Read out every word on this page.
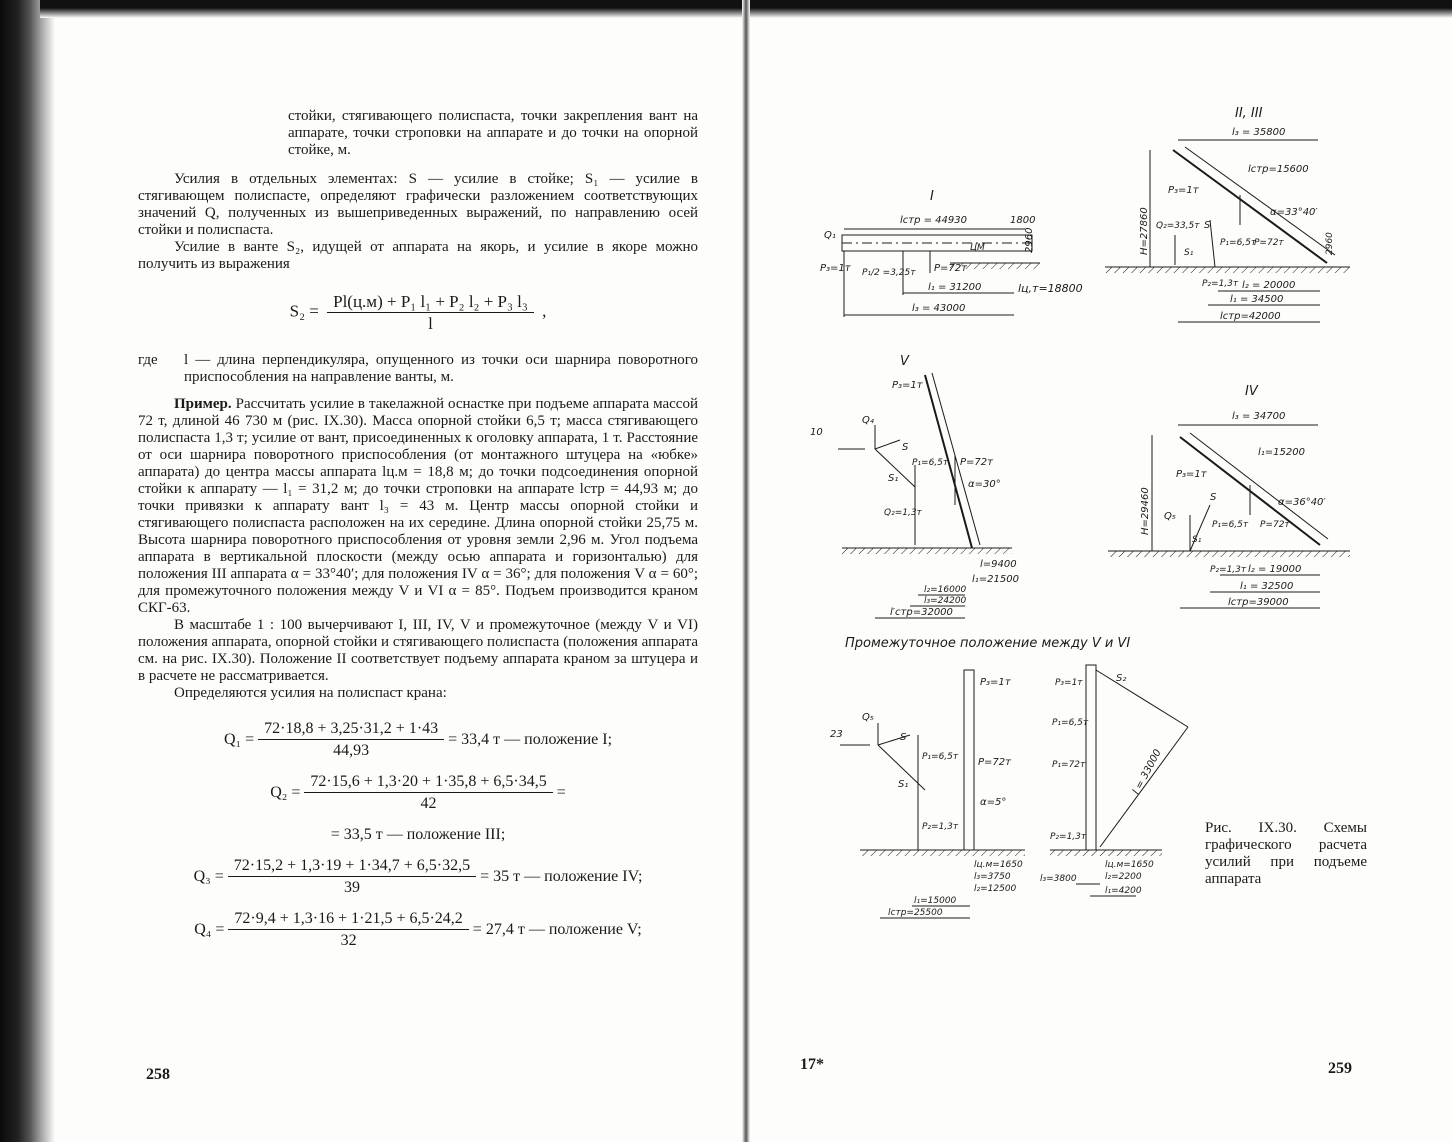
стойки, стягивающего полиспаста, точки закрепления вант на аппарате, точки строповки на аппарате и до точки на опорной стойке, м.

Усилия в отдельных элементах: S — усилие в стойке; S₁ — усилие в стягивающем полиспасте, определяют графически разложением соответствующих значений Q, полученных из вышеприведенных выражений, по направлению осей стойки и полиспаста.

Усилие в ванте S₂, идущей от аппарата на якорь, и усилие в якоре можно получить из выражения

$S_2 = \frac{\text{Pl(ц.м) + P₁ l₁ + P₂ l₂ + P₃ l₃}}{l}$ ,
где	l — длина перпендикуляра, опущенного из точки оси шарнира поворотного приспособления на направление ванты, м.

Пример. Рассчитать усилие в такелажной оснастке при подъеме аппарата массой 72 т, длиной 46 730 м (рис. IX.30). Масса опорной стойки 6,5 т; масса стягивающего полиспаста 1,3 т; усилие от вант, присоединенных к оголовку аппарата, 1 т. Расстояние от оси шарнира поворотного приспособления (от монтажного штуцера на «юбке» аппарата) до центра массы аппарата lц.м = 18,8 м; до точки подсоединения опорной стойки к аппарату — l₁ = 31,2 м; до точки строповки на аппарате lстр = 44,93 м; до точки привязки к аппарату вант l₃ = 43 м. Центр массы опорной стойки и стягивающего полиспаста расположен на их середине. Длина опорной стойки 25,75 м. Высота шарнира поворотного приспособления от уровня земли 2,96 м. Угол подъема аппарата в вертикальной плоскости (между осью аппарата и горизонталью) для положения III аппарата α = 33°40′; для положения IV α = 36°; для положения V α = 60°; для промежуточного положения между V и VI α = 85°. Подъем производится краном СКГ-63.

В масштабе 1 : 100 вычерчивают I, III, IV, V и промежуточное (между V и VI) положения аппарата, опорной стойки и стягивающего полиспаста (положения аппарата см. на рис. IX.30). Положение II соответствует подъему аппарата краном за штуцера и в расчете не рассматривается.

Определяются усилия на полиспаст крана:

$Q_1 = \frac{72\cdot 18,8 + 3,25\cdot 31,2 + 1\cdot 43}{44,93} = 33,4$ т — положение I;
$Q_2 = \frac{72\cdot 15,6 + 1,3\cdot 20 + 1\cdot 35,8 + 6,5\cdot 34,5}{42}$ =
= 33,5 т — положение III;
$Q_3 = \frac{72\cdot 15,2 + 1,3\cdot 19 + 1\cdot 34,7 + 6,5\cdot 32,5}{39} = 35$ т — положение IV;
$Q_4 = \frac{72\cdot 9,4 + 1,3\cdot 16 + 1\cdot 21,5 + 6,5\cdot 24,2}{32} = 27,4$ т — положение V;
258
I
lстр = 44930	1800
2960
Q₁
P₃=1т P₁/2 =3,25т P=72т
ЦМ
l₁ = 31200	lц,т=18800
l₃ = 43000
II, III
l₃ = 35800
lстр=15600
H=27860
P₃=1т
α=33°40′
Q₂=33,5т S
S₁
P₁=6,5т
P=72т	2960
P₂=1,3т l₂ = 20000
l₁ = 34500
lстр=42000
V
P₃=1т
Q₄
10
S
S₁
P₁=6,5т P=72т
α=30°
Q₂=1,3т
l=9400
l₁=21500
l₂=16000
l₃=24200
l′стр=32000
IV
l₃ = 34700
l₁=15200
H=29460
P₃=1т
α=36°40′
Q₅
S
S₁
P₁=6,5т P=72т
P₂=1,3т l₂ = 19000
l₁ = 32500
lстр=39000
Промежуточное положение между V и VI
P₃=1т
Q₅
23	S
S₁
P₁=6,5т P=72т
α=5°
P₂=1,3т
lц.м=1650
l₃=3750
l₂=12500
l₁=15000
lстр=25500
P₃=1т	S₂
P₁=6,5т
P₁=72т	l = 33000
P₂=1,3т
lц.м=1650
l₃=3800	l₂=2200
l₁=4200
Рис. IX.30. Схемы графического расчета усилий при подъеме аппарата
17*	259
